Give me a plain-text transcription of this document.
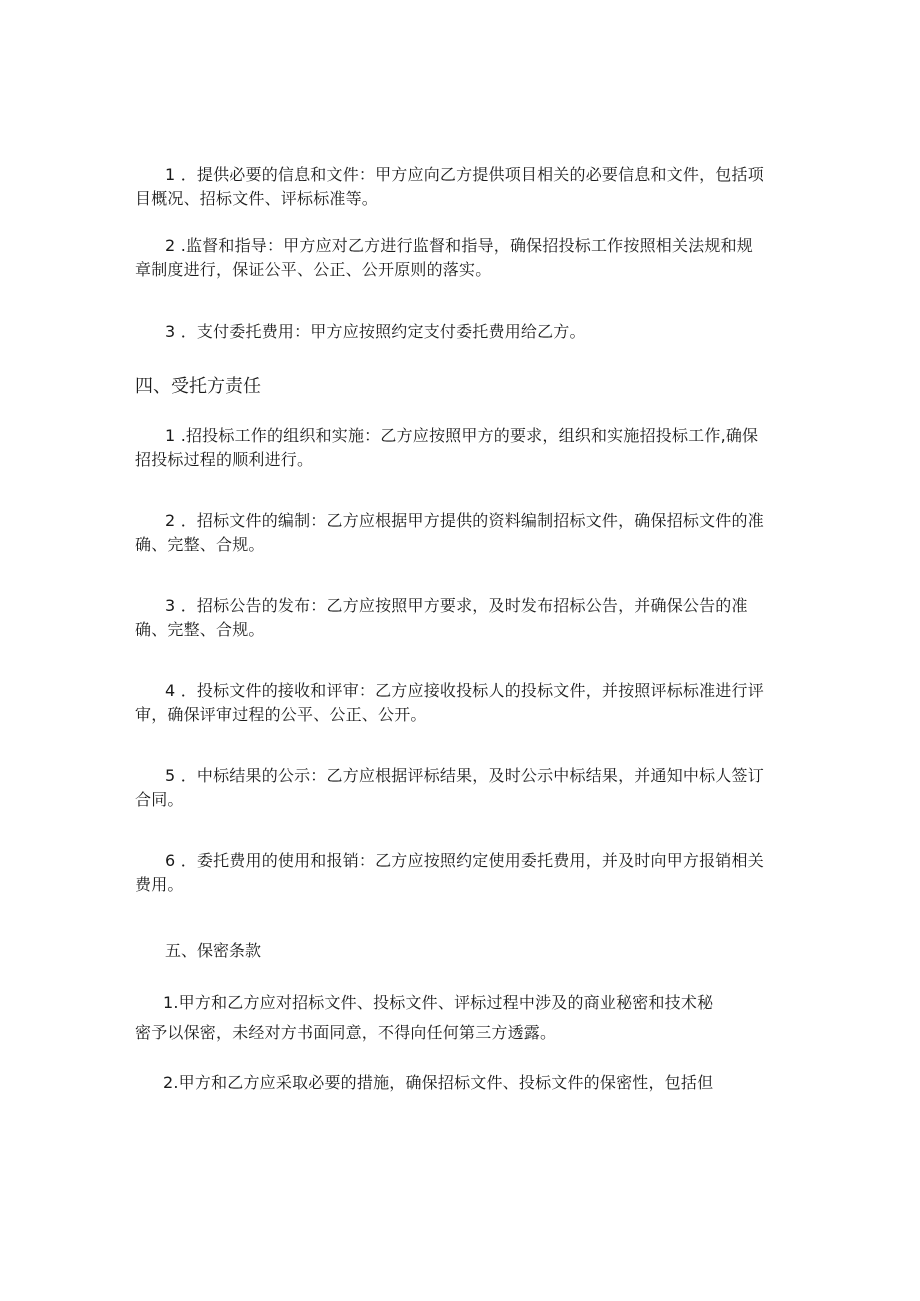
1 ．提供必要的信息和文件：甲方应向乙方提供项目相关的必要信息和文件，包括项
目概况、招标文件、评标标准等。
2 .监督和指导：甲方应对乙方进行监督和指导，确保招投标工作按照相关法规和规
章制度进行，保证公平、公正、公开原则的落实。
3 ．支付委托费用：甲方应按照约定支付委托费用给乙方。
四、受托方责任
1 .招投标工作的组织和实施：乙方应按照甲方的要求，组织和实施招投标工作,确保
招投标过程的顺利进行。
2 ．招标文件的编制：乙方应根据甲方提供的资料编制招标文件，确保招标文件的准
确、完整、合规。
3 ．招标公告的发布：乙方应按照甲方要求，及时发布招标公告，并确保公告的准
确、完整、合规。
4 ．投标文件的接收和评审：乙方应接收投标人的投标文件，并按照评标标准进行评
审，确保评审过程的公平、公正、公开。
5 ．中标结果的公示：乙方应根据评标结果，及时公示中标结果，并通知中标人签订
合同。
6 ．委托费用的使用和报销：乙方应按照约定使用委托费用，并及时向甲方报销相关
费用。
五、保密条款
1.甲方和乙方应对招标文件、投标文件、评标过程中涉及的商业秘密和技术秘
密予以保密，未经对方书面同意，不得向任何第三方透露。
2.甲方和乙方应采取必要的措施，确保招标文件、投标文件的保密性，包括但
